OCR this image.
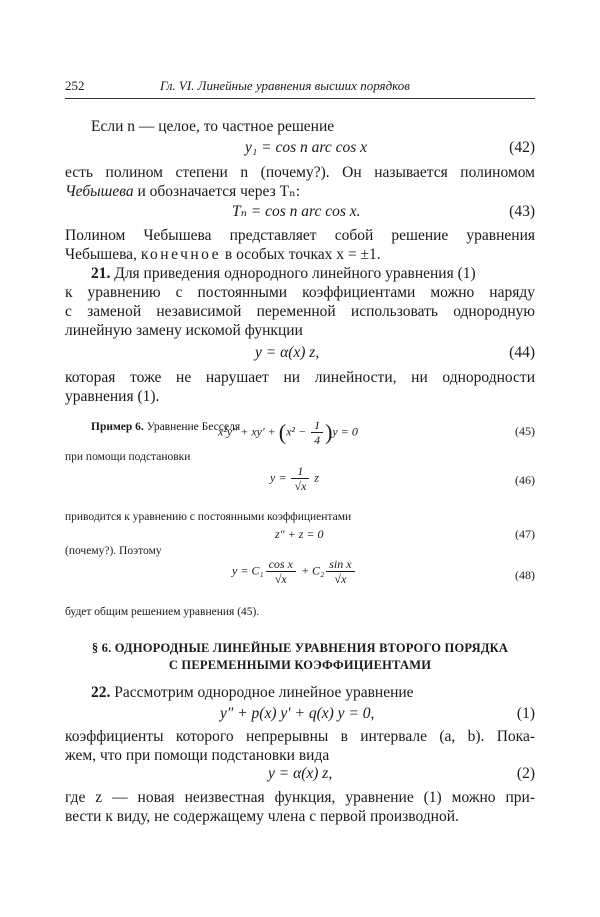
252	Гл. VI. Линейные уравнения высших порядков
Если n — целое, то частное решение
y₁ = cos n arc cos x	(42)
есть полином степени n (почему?). Он называется полиномом
Чебышева и обозначается через Tₙ:
Tₙ = cos n arc cos x.	(43)
Полином Чебышева представляет собой решение уравнения
Чебышева, конечное в особых точках x = ±1.
21. Для приведения однородного линейного уравнения (1)
к уравнению с постоянными коэффициентами можно наряду
с заменой независимой переменной использовать однородную
линейную замену искомой функции
y = α(x) z,	(44)
которая тоже не нарушает ни линейности, ни однородности
уравнения (1).
Пример 6. Уравнение Бесселя
$x^2y'' + xy' + (x^2 - \frac{1}{4} )y = 0$	(45)
при помощи подстановки
$y = \frac{1}{√x}$ z	(46)
приводится к уравнению с постоянными коэффициентами
z″ + z = 0	(47)
(почему?). Поэтому
$y = C_1 \frac{\text{cos x}}{√x} + C_2 \frac{\text{sin x}}{√x}$	(48)
будет общим решением уравнения (45).
§ 6. ОДНОРОДНЫЕ ЛИНЕЙНЫЕ УРАВНЕНИЯ ВТОРОГО ПОРЯДКА
С ПЕРЕМЕННЫМИ КОЭФФИЦИЕНТАМИ
22. Рассмотрим однородное линейное уравнение
y″ + p(x) y′ + q(x) y = 0,	(1)
коэффициенты которого непрерывны в интервале (a, b). Пока-
жем, что при помощи подстановки вида
y = α(x) z,	(2)
где z — новая неизвестная функция, уравнение (1) можно при-
вести к виду, не содержащему члена с первой производной.
